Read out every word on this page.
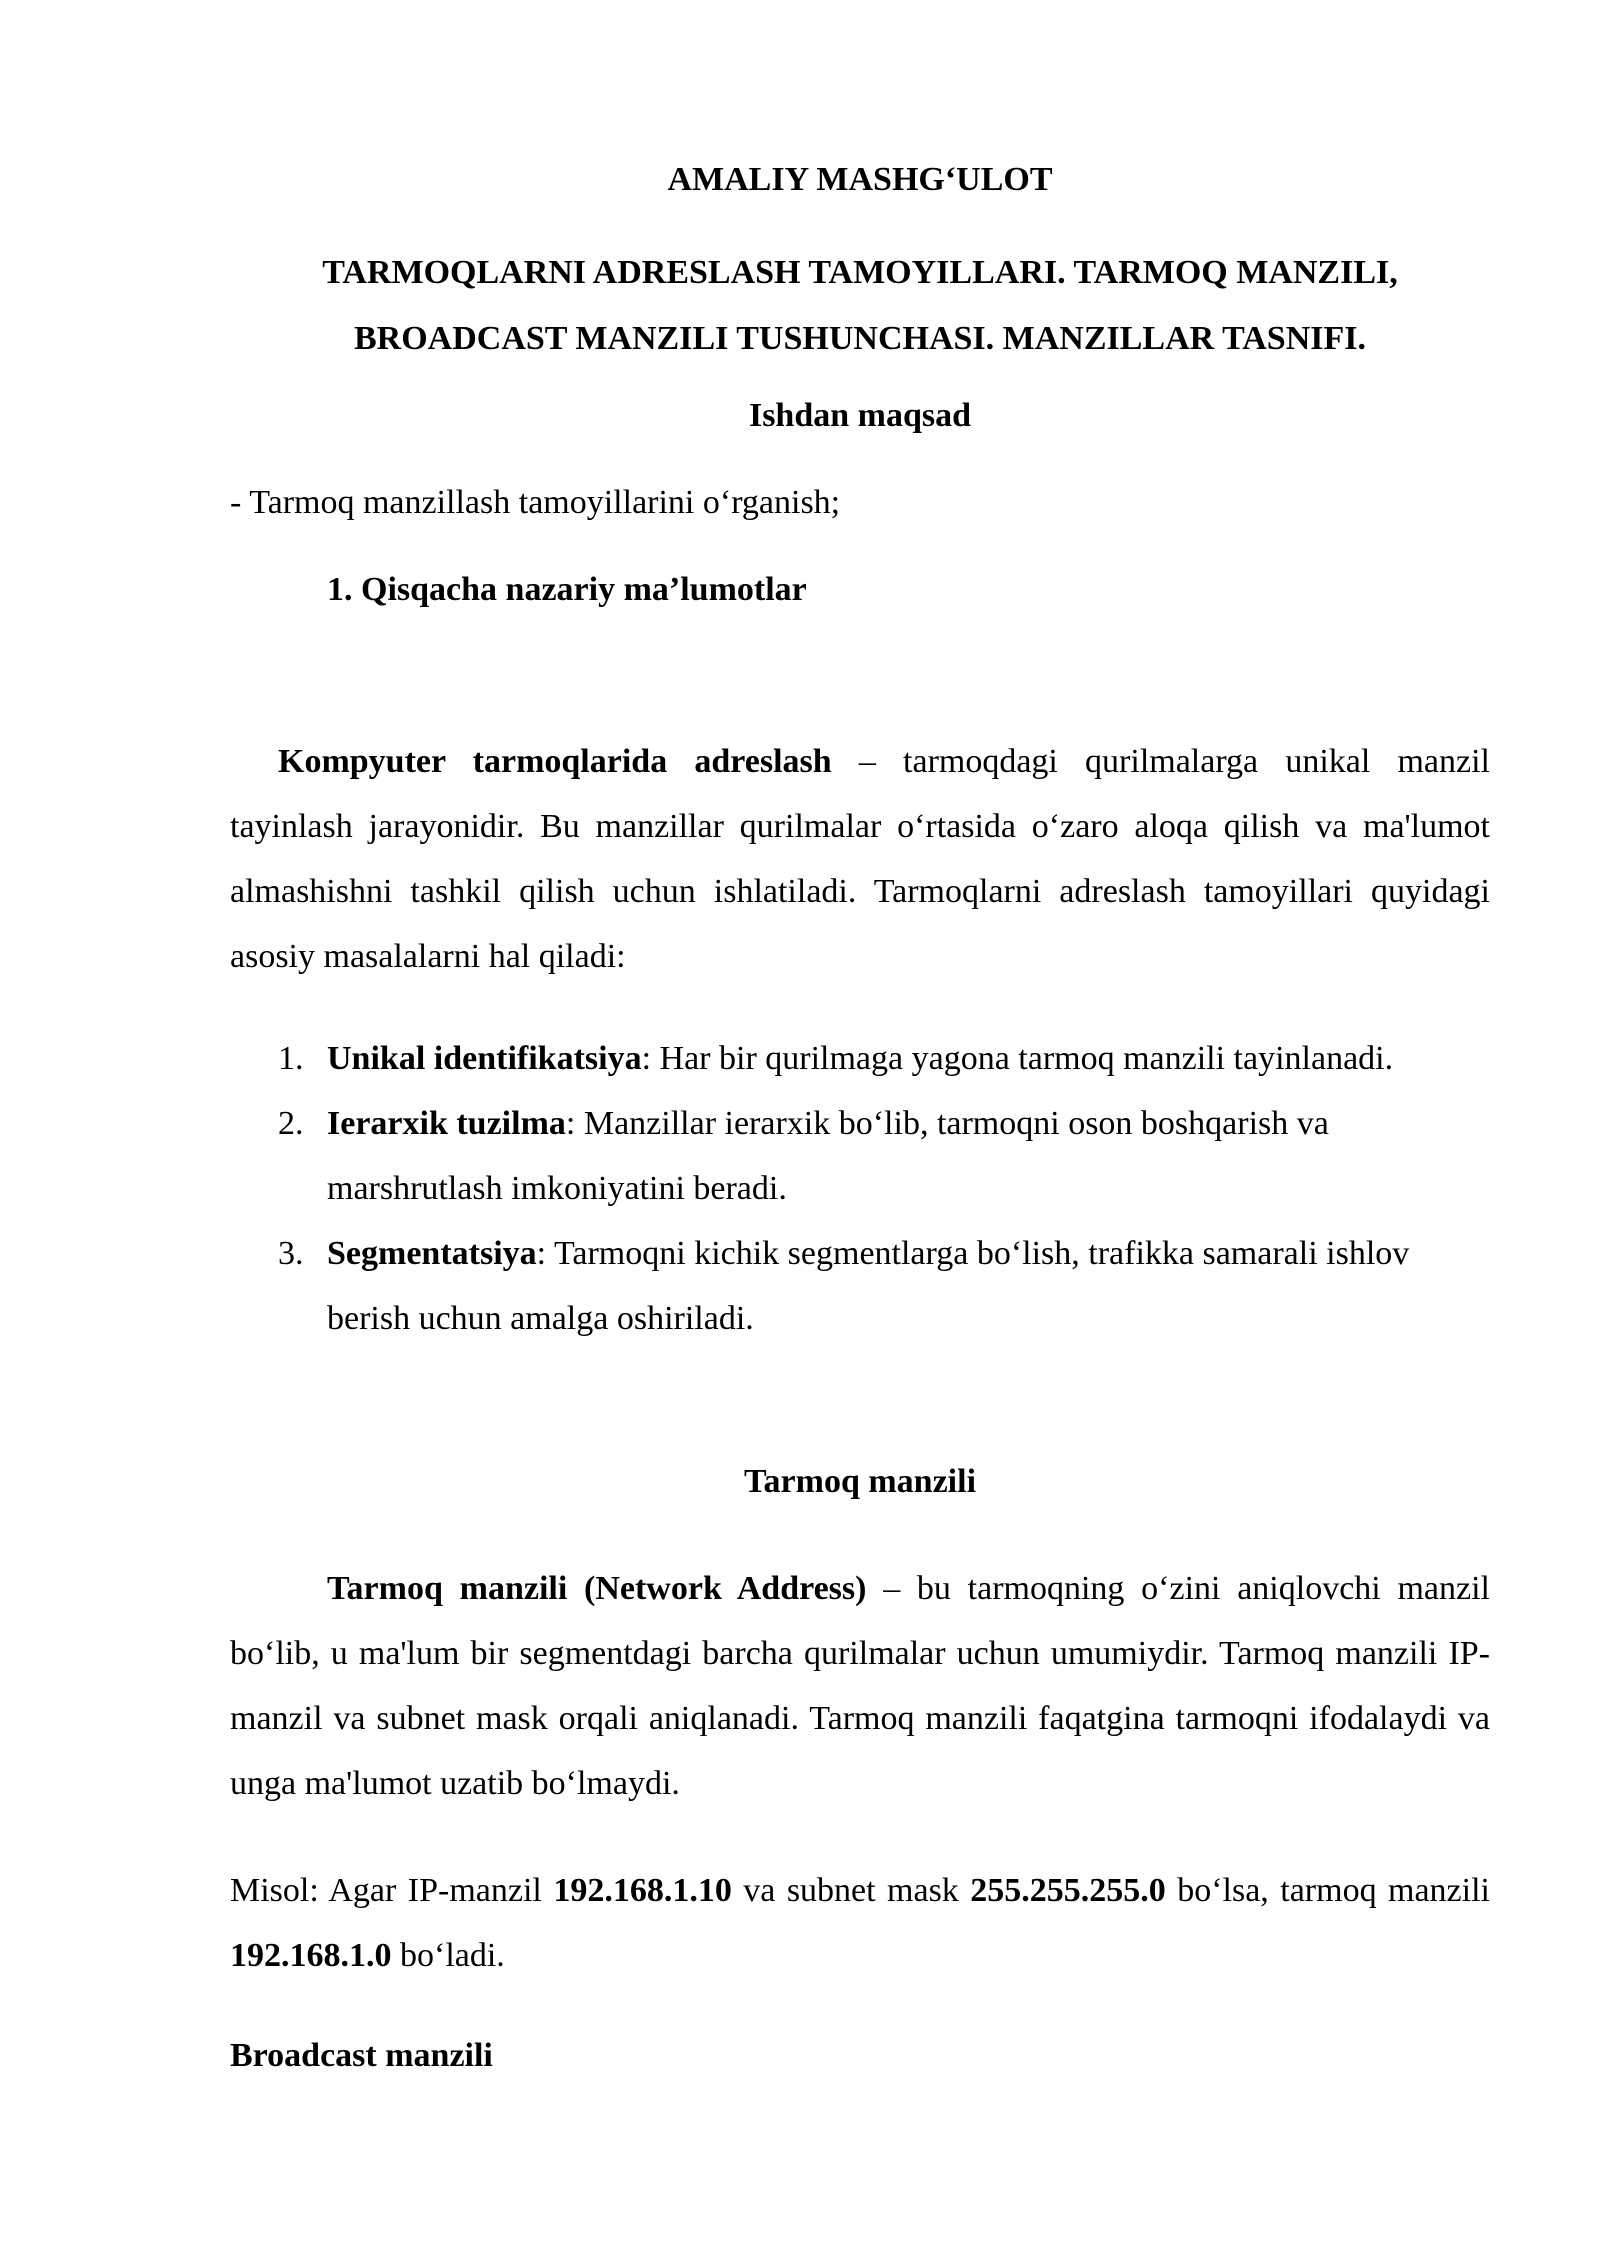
AMALIY MASHG‘ULOT
TARMOQLARNI ADRESLASH TAMOYILLARI. TARMOQ MANZILI,
BROADCAST MANZILI TUSHUNCHASI. MANZILLAR TASNIFI.
Ishdan maqsad
- Tarmoq manzillash tamoyillarini o‘rganish;
1. Qisqacha nazariy ma’lumotlar

Kompyuter tarmoqlarida adreslash – tarmoqdagi qurilmalarga unikal manzil tayinlash jarayonidir. Bu manzillar qurilmalar o‘rtasida o‘zaro aloqa qilish va ma'lumot almashishni tashkil qilish uchun ishlatiladi. Tarmoqlarni adreslash tamoyillari quyidagi asosiy masalalarni hal qiladi:

1. Unikal identifikatsiya: Har bir qurilmaga yagona tarmoq manzili tayinlanadi.
2. Ierarxik tuzilma: Manzillar ierarxik bo‘lib, tarmoqni oson boshqarish va marshrutlash imkoniyatini beradi.
3. Segmentatsiya: Tarmoqni kichik segmentlarga bo‘lish, trafikka samarali ishlov berish uchun amalga oshiriladi.
Tarmoq manzili

Tarmoq manzili (Network Address) – bu tarmoqning o‘zini aniqlovchi manzil bo‘lib, u ma'lum bir segmentdagi barcha qurilmalar uchun umumiydir. Tarmoq manzili IP-manzil va subnet mask orqali aniqlanadi. Tarmoq manzili faqatgina tarmoqni ifodalaydi va unga ma'lumot uzatib bo‘lmaydi.

Misol: Agar IP-manzil 192.168.1.10 va subnet mask 255.255.255.0 bo‘lsa, tarmoq manzili 192.168.1.0 bo‘ladi.

Broadcast manzili
